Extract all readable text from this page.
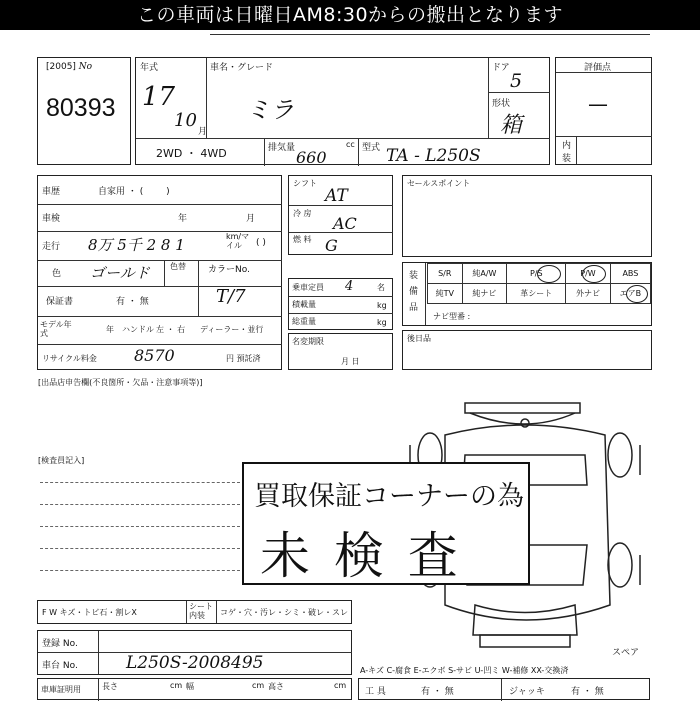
この車両は日曜日AM8:30からの搬出となります
[2005] No
80393
年式
17
10
月
車名・グレード
ミラ
ドア
5
形状
箱
2WD ・ 4WD	排気量	cc
660	型式 TA - L250S
評価点
—
内
装
車歴	自家用 ・ (        )
車検	年	月
走行 8万 5千 2 8 1	km/マイル	( )
色 ゴールド	色替	カラーNo.
保証書	有 ・ 無	T/7
モデル年式	年 ハンドル 左 ・ 右 ディーラー・並行
リサイクル料金 8570	円 預託済
シフト
AT
冷 房
AC
燃 料 G
乗車定員 4	名
積載量	kg
総重量	kg
名変期限
月 日
セールスポイント
装備品
S/R	純A/W	P/S	P/W	ABS
純TV	純ナビ	革シート	外ナビ	エアB
ナビ型番 :
後日品
[出品店申告欄(不良箇所・欠品・注意事項等)]
[検査員記入]
買取保証コーナーの為
未 検 査
F W キズ・トビ石・割レX
シート内装	コゲ・穴・汚レ・シミ・破レ・スレ
登録 No.
車台 No.	L250S-2008495
車庫証明用	長さ	cm 幅	cm 高さ	cm
スペア
A-キズ C-腐食 E-エクボ S-サビ U-凹ミ W-補修 XX-交換済
工 具	有 ・ 無	ジャッキ	有 ・ 無
